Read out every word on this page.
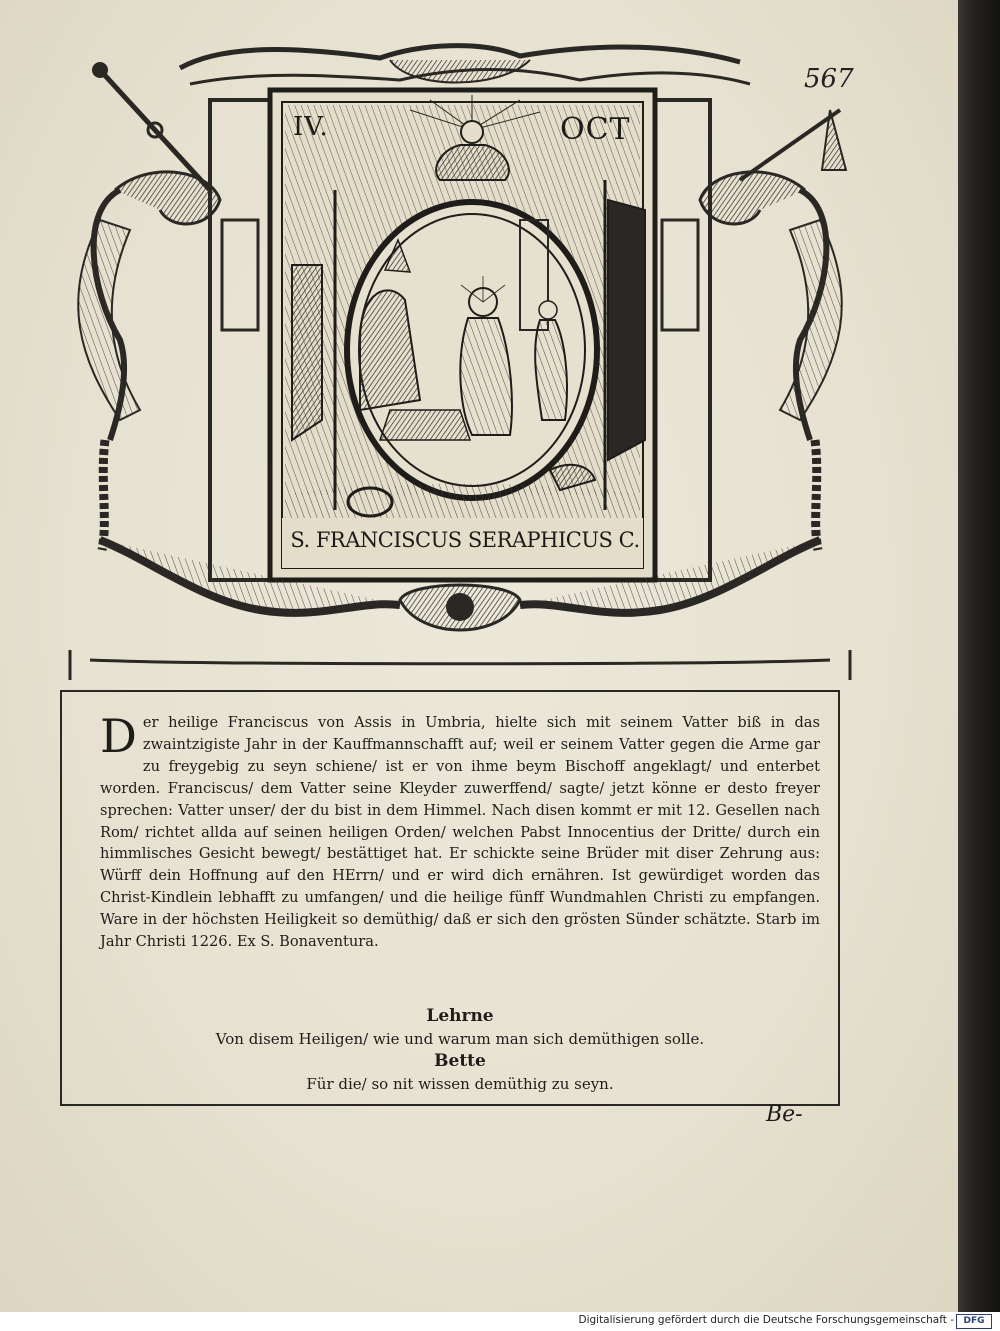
567
IV.	OCT
S. FRANCISCUS SERAPHICUS C.

Der heilige Franciscus von Assis in Umbria, hielte sich mit seinem Vatter biß in das zwaintzigiste Jahr in der Kauffmannschafft auf; weil er seinem Vatter gegen die Arme gar zu freygebig zu seyn schiene/ ist er von ihme beym Bischoff angeklagt/ und enterbet worden. Franciscus/ dem Vatter seine Kleyder zuwerffend/ sagte/ jetzt könne er desto freyer sprechen: Vatter unser/ der du bist in dem Himmel. Nach disen kommt er mit 12. Gesellen nach Rom/ richtet allda auf seinen heiligen Orden/ welchen Pabst Innocentius der Dritte/ durch ein himmlisches Gesicht bewegt/ bestättiget hat. Er schickte seine Brüder mit diser Zehrung aus: Würff dein Hoffnung auf den HErrn/ und er wird dich ernähren. Ist gewürdiget worden das Christ-Kindlein lebhafft zu umfangen/ und die heilige fünff Wundmahlen Christi zu empfangen. Ware in der höchsten Heiligkeit so demüthig/ daß er sich den grösten Sünder schätzte. Starb im Jahr Christi 1226. Ex S. Bonaventura.

Lehrne

Von disem Heiligen/ wie und warum man sich demüthigen solle.

Bette

Für die/ so nit wissen demüthig zu seyn.

Be-
Digitalisierung gefördert durch die Deutsche Forschungsgemeinschaft -	DFG
